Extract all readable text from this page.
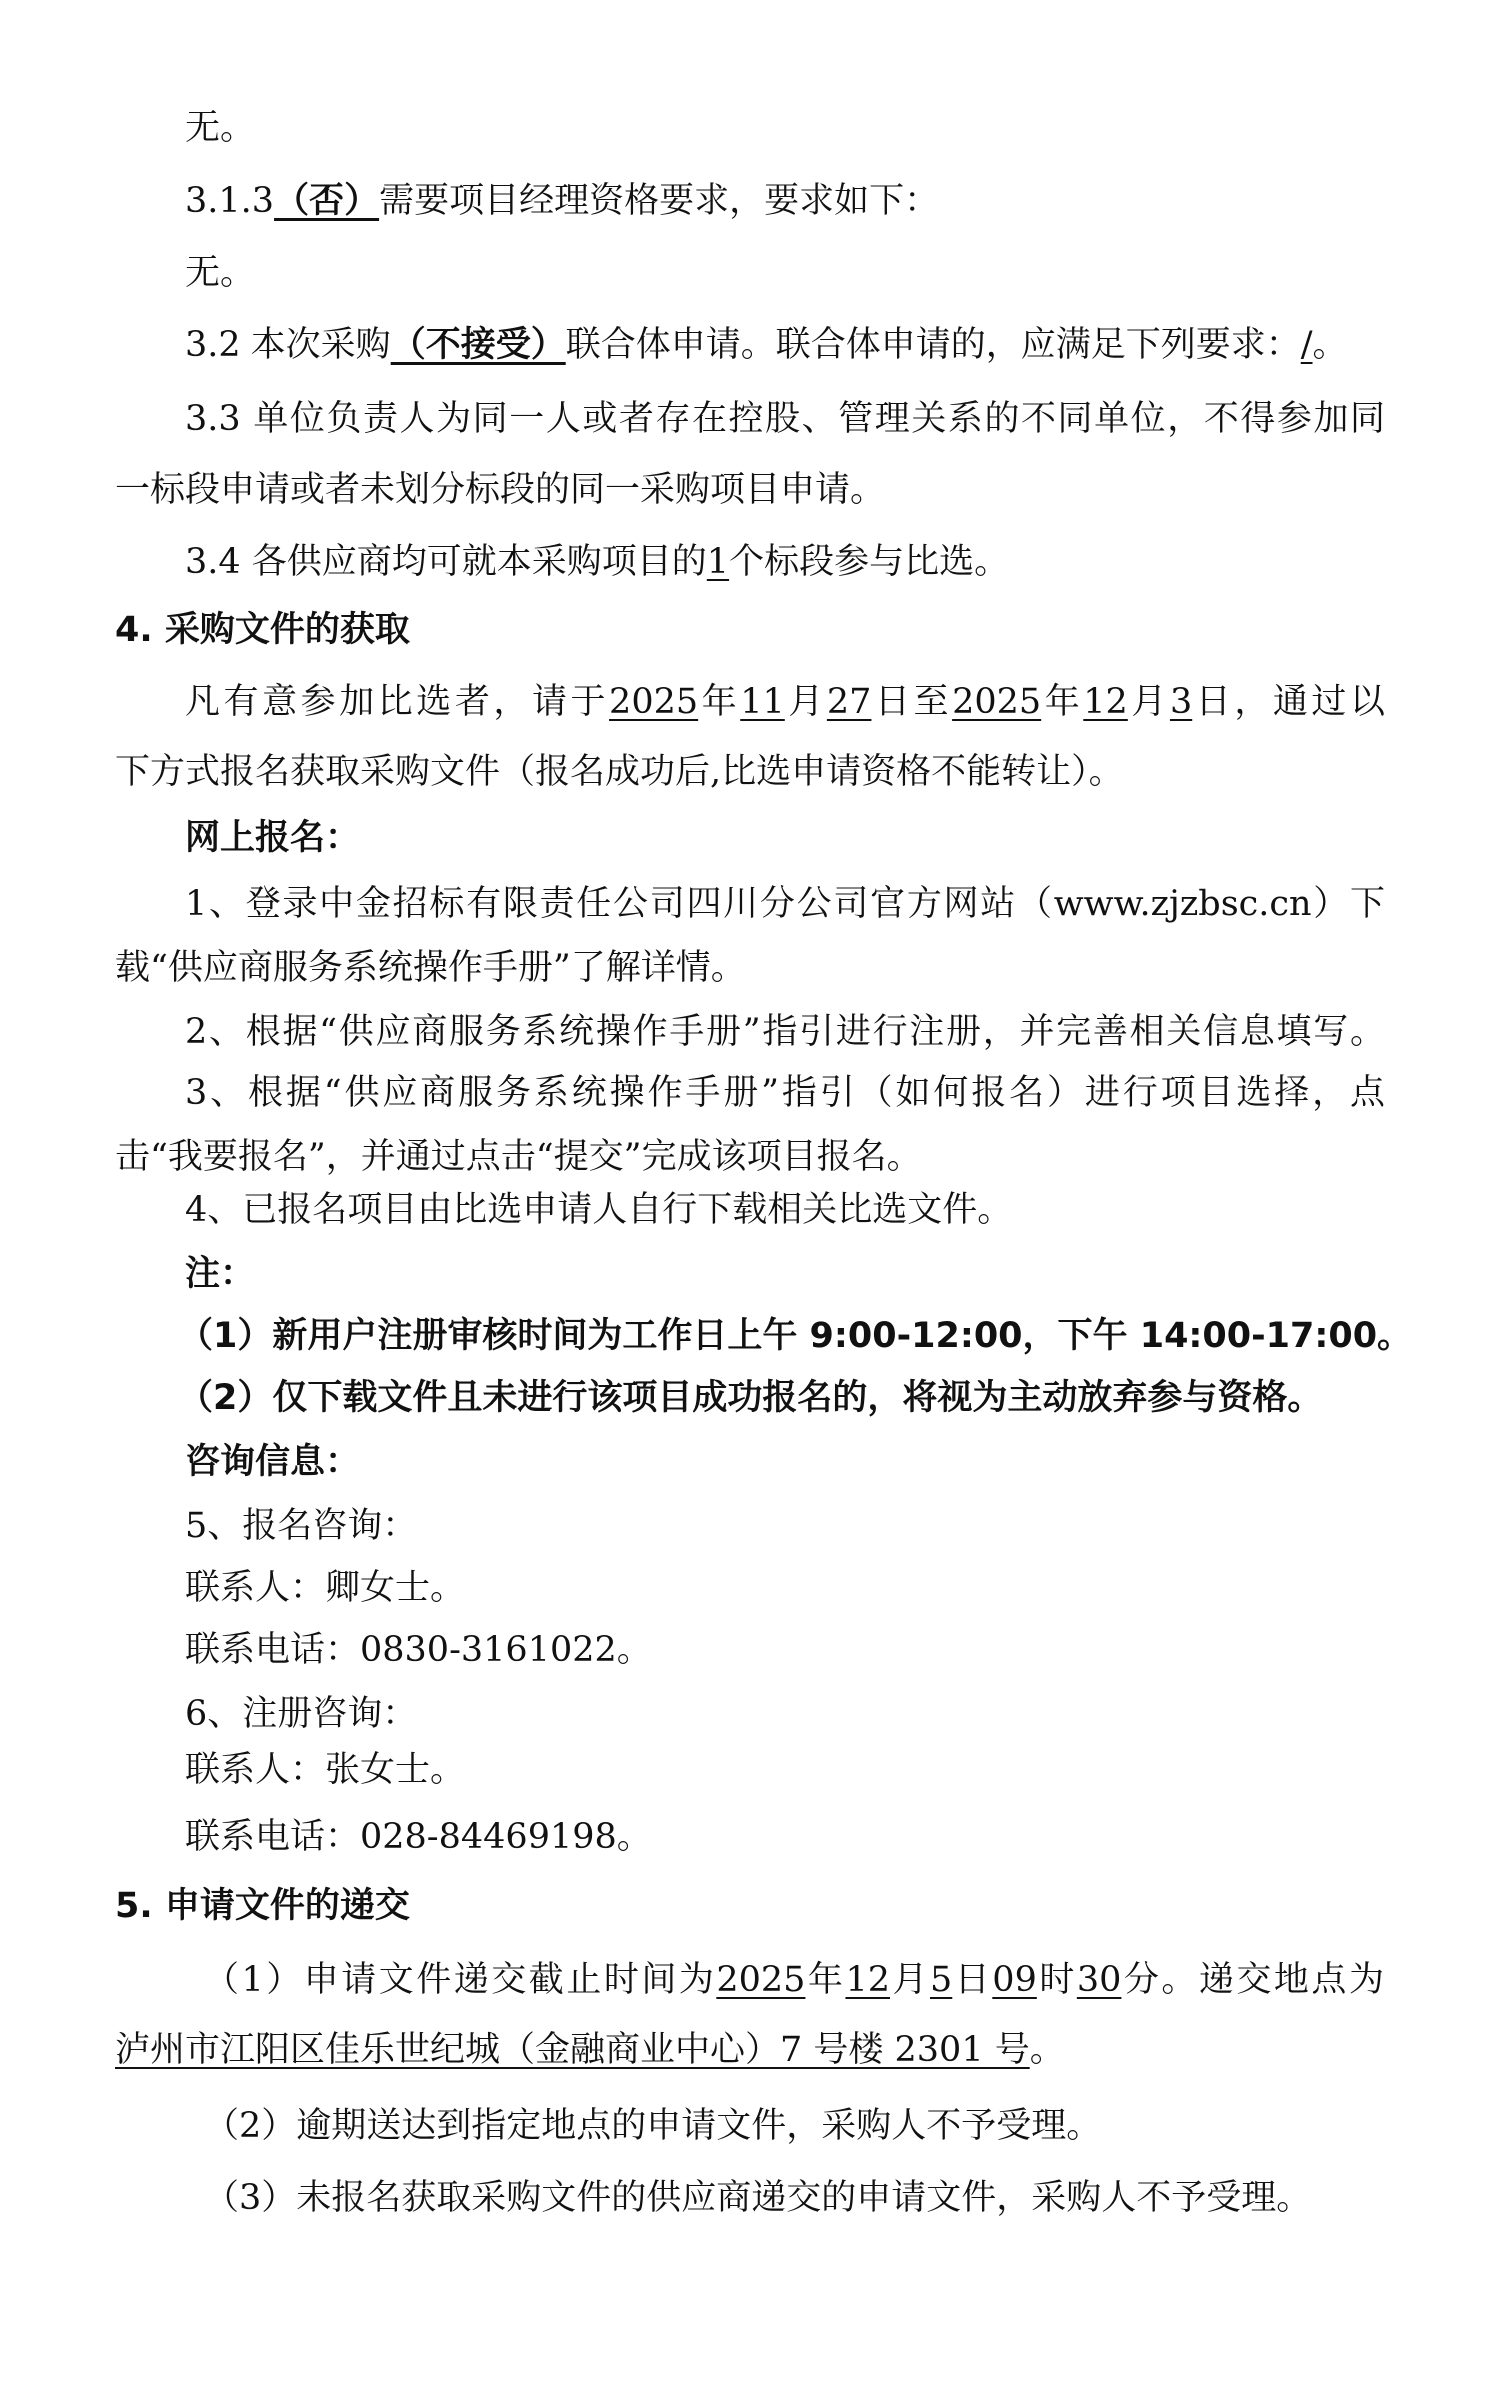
无。
3.1.3（否）需要项目经理资格要求，要求如下：
无。
3.2 本次采购（不接受）联合体申请。联合体申请的，应满足下列要求：/。
3.3 单位负责人为同一人或者存在控股、管理关系的不同单位，不得参加同
一标段申请或者未划分标段的同一采购项目申请。
3.4 各供应商均可就本采购项目的1个标段参与比选。
4. 采购文件的获取
凡有意参加比选者，请于2025年11月27日至2025年12月3日，通过以
下方式报名获取采购文件（报名成功后,比选申请资格不能转让）。
网上报名：
1、登录中金招标有限责任公司四川分公司官方网站（www.zjzbsc.cn）下
载“供应商服务系统操作手册”了解详情。
2、根据“供应商服务系统操作手册”指引进行注册，并完善相关信息填写。
3、根据“供应商服务系统操作手册”指引（如何报名）进行项目选择，点
击“我要报名”，并通过点击“提交”完成该项目报名。
4、已报名项目由比选申请人自行下载相关比选文件。
注：
（1）新用户注册审核时间为工作日上午 9:00-12:00，下午 14:00-17:00。
（2）仅下载文件且未进行该项目成功报名的，将视为主动放弃参与资格。
咨询信息：
5、报名咨询：
联系人：卿女士。
联系电话：0830-3161022。
6、注册咨询：
联系人：张女士。
联系电话：028-84469198。
5. 申请文件的递交
（1）申请文件递交截止时间为2025年12月5日09时30分。递交地点为
泸州市江阳区佳乐世纪城（金融商业中心）7 号楼 2301 号。
（2）逾期送达到指定地点的申请文件，采购人不予受理。
（3）未报名获取采购文件的供应商递交的申请文件，采购人不予受理。
